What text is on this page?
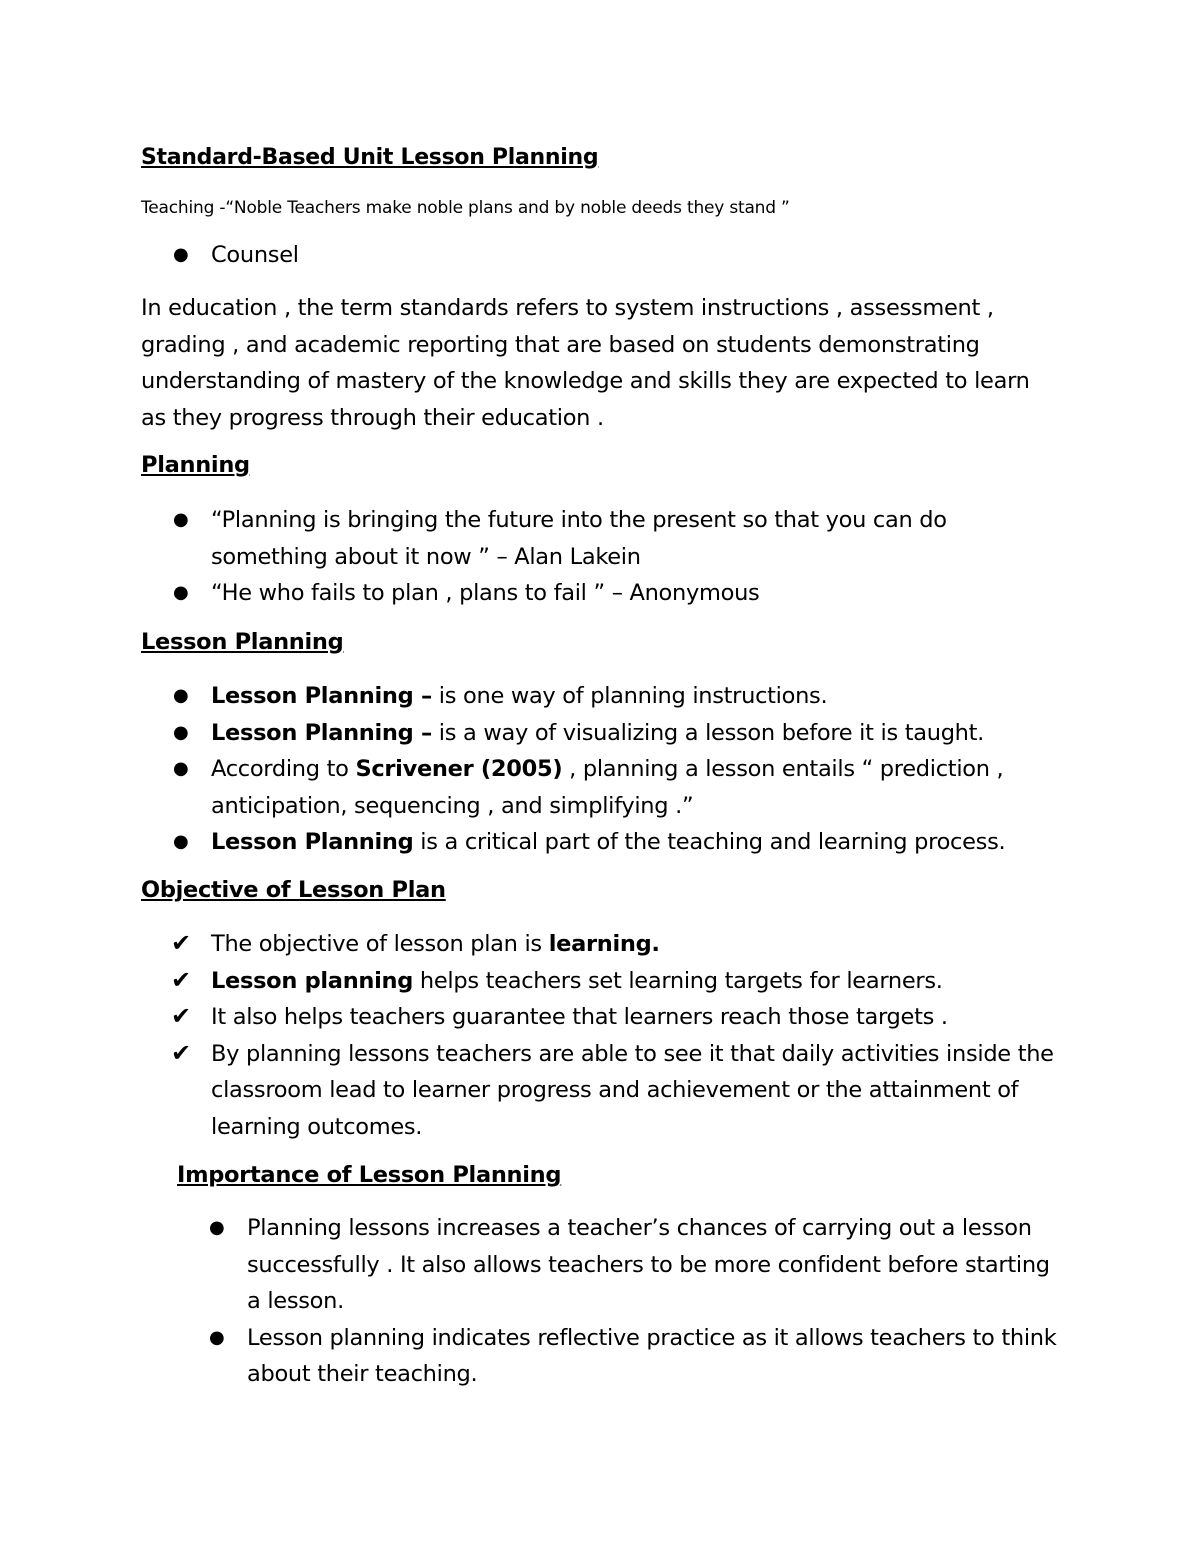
Standard-Based Unit Lesson Planning
Teaching -“Noble Teachers make noble plans and by noble deeds they stand ”
● Counsel

In education , the term standards refers to system instructions , assessment , grading , and academic reporting that are based on students demonstrating understanding of mastery of the knowledge and skills they are expected to learn as they progress through their education .

Planning
● “Planning is bringing the future into the present so that you can do something about it now ” – Alan Lakein
● “He who fails to plan , plans to fail ” – Anonymous
Lesson Planning
● Lesson Planning – is one way of planning instructions.
● Lesson Planning – is a way of visualizing a lesson before it is taught.
● According to Scrivener (2005) , planning a lesson entails “ prediction , anticipation, sequencing , and simplifying .”
● Lesson Planning is a critical part of the teaching and learning process.
Objective of Lesson Plan
✔ The objective of lesson plan is learning.
✔ Lesson planning helps teachers set learning targets for learners.
✔ It also helps teachers guarantee that learners reach those targets .
✔ By planning lessons teachers are able to see it that daily activities inside the classroom lead to learner progress and achievement or the attainment of learning outcomes.
Importance of Lesson Planning
● Planning lessons increases a teacher’s chances of carrying out a lesson successfully . It also allows teachers to be more confident before starting a lesson.
● Lesson planning indicates reflective practice as it allows teachers to think about their teaching.
